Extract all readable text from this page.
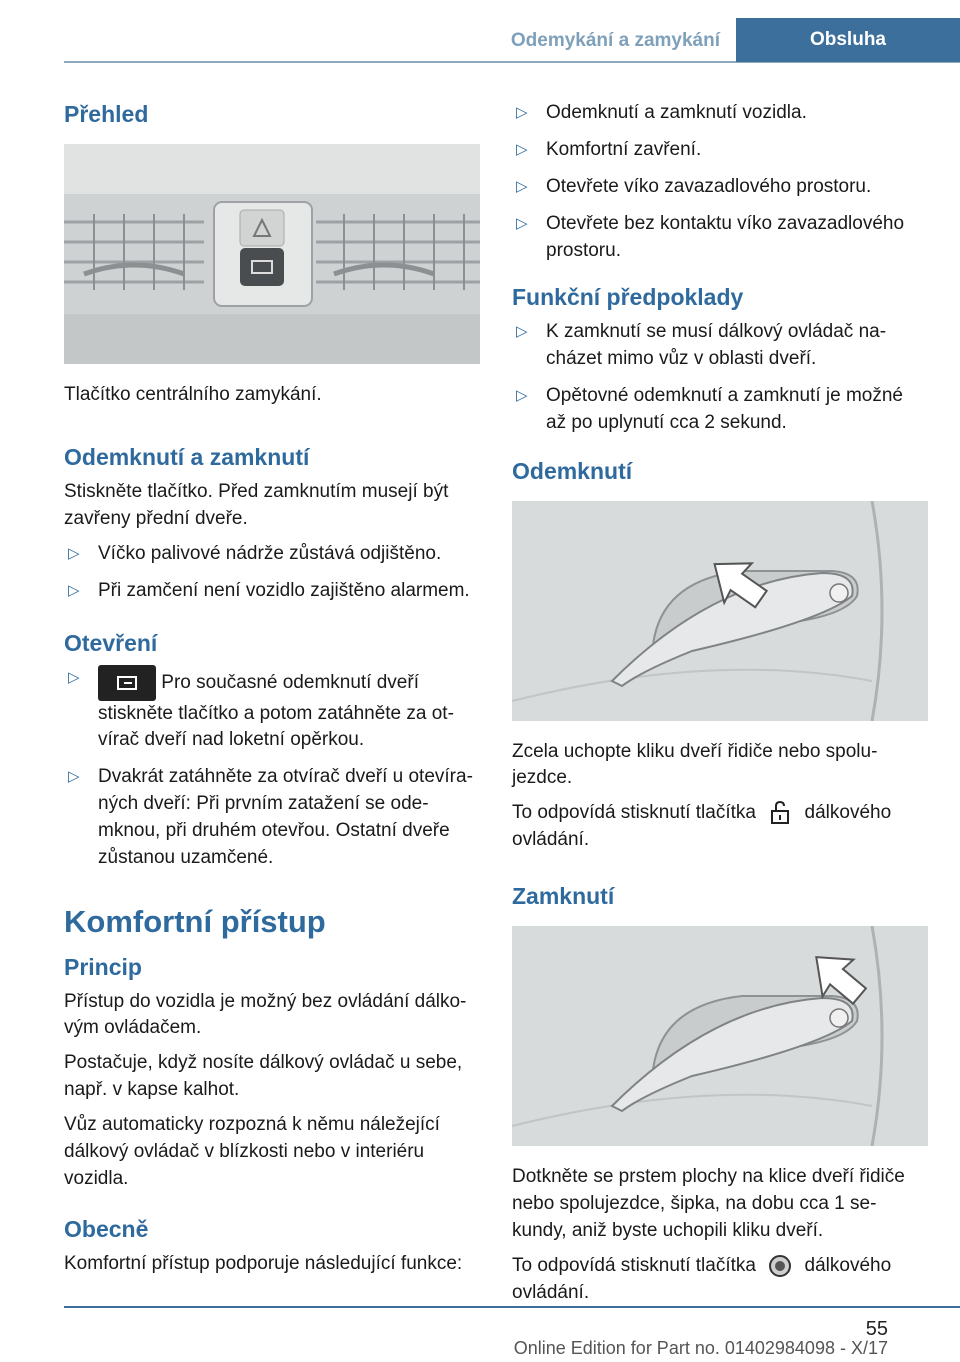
Odemykání a zamykání	Obsluha
Přehled

Tlačítko centrálního zamykání.

Odemknutí a zamknutí

Stiskněte tlačítko. Před zamknutím musejí být zavřeny přední dveře.

▷ Víčko palivové nádrže zůstává odjištěno.
▷ Při zamčení není vozidlo zajištěno alarmem.
Otevření
▷	Pro současné odemknutí dveří stiskněte tlačítko a potom zatáhněte za ot‐vírač dveří nad loketní opěrkou.
▷ Dvakrát zatáhněte za otvírač dveří u otevíra‐ných dveří: Při prvním zatažení se ode‐mknou, při druhém otevřou. Ostatní dveře zůstanou uzamčené.
Komfortní přístup
Princip

Přístup do vozidla je možný bez ovládání dálko‐vým ovládačem.

Postačuje, když nosíte dálkový ovládač u sebe, např. v kapse kalhot.

Vůz automaticky rozpozná k němu náležející dálkový ovládač v blízkosti nebo v interiéru vozidla.

Obecně

Komfortní přístup podporuje následující funkce:

▷ Odemknutí a zamknutí vozidla.
▷ Komfortní zavření.
▷ Otevřete víko zavazadlového prostoru.
▷ Otevřete bez kontaktu víko zavazadlového prostoru.
Funkční předpoklady
▷ K zamknutí se musí dálkový ovládač na‐cházet mimo vůz v oblasti dveří.
▷ Opětovné odemknutí a zamknutí je možné až po uplynutí cca 2 sekund.
Odemknutí

Zcela uchopte kliku dveří řidiče nebo spolu‐jezdce.

To odpovídá stisknutí tlačítka	dálkového ovládání.

Zamknutí

Dotkněte se prstem plochy na klice dveří řidiče nebo spolujezdce, šipka, na dobu cca 1 se‐kundy, aniž byste uchopili kliku dveří.

To odpovídá stisknutí tlačítka	dálkového ovládání.

55
Online Edition for Part no. 01402984098 - X/17
